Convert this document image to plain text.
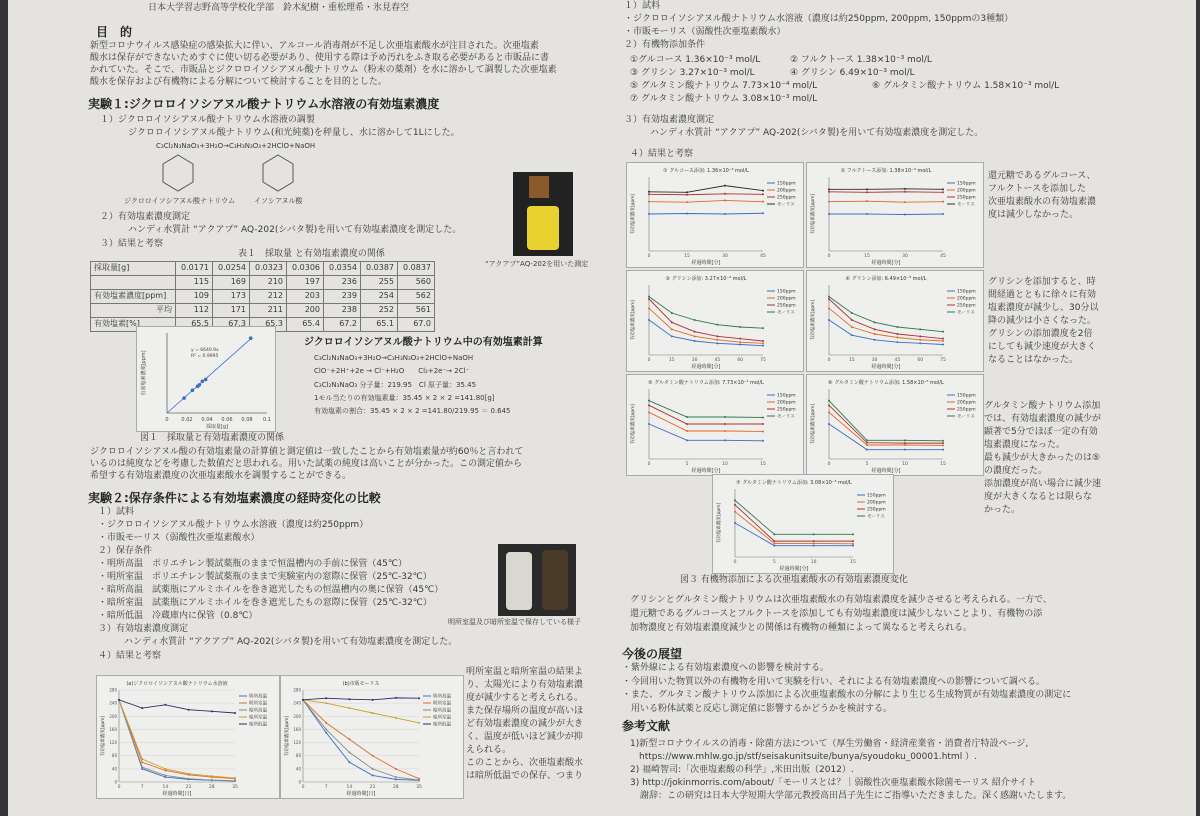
日本大学習志野高等学校化学部　鈴木紀樹・重松理希・氷見春空
目　的
新型コロナウイルス感染症の感染拡大に伴い、アルコール消毒剤が不足し次亜塩素酸水が注目された。次亜塩素
酸水は保存ができないためすぐに使い切る必要があり、使用する際は予め汚れをふき取る必要があると市販品に書
かれていた。そこで、市販品とジクロロイソシアヌル酸ナトリウム（粉末の薬剤）を水に溶かして調製した次亜塩素
酸水を保存および有機物による分解について検討することを目的とした。
実験１:ジクロロイソシアヌル酸ナトリウム水溶液の有効塩素濃度
１）ジクロロイソシアヌル酸ナトリウム水溶液の調製
ジクロロイソシアヌル酸ナトリウム(和光純薬)を秤量し、水に溶かして1Lにした。
C₃Cl₂N₃NaO₃+3H₂O→C₃H₃N₃O₃+2HClO+NaOH
ジクロロイソシアヌル酸ナトリウム	イソシアヌル酸
２）有効塩素濃度測定
ハンディ水質計 “アクアプ” AQ-202(シバタ製)を用いて有効塩素濃度を測定した。
３）結果と考察
“アクアプ”AQ-202を用いた測定
表１　採取量 と有効塩素濃度の関係
採取量[g]	0.0171	0.0254	0.0323	0.0306	0.0354	0.0387	0.0837
	115	169	210	197	236	255	560
有効塩素濃度[ppm]	109	173	212	203	239	254	562
平均	112	171	211	200	238	252	561
有効塩素[%]	65.5	67.3	65.3	65.4	67.2	65.1	67.0
0	0.02 0.04 0.06 0.08 0.1
採取量[g]
有効塩素濃度[ppm]	y = 6640.9x
R² = 0.9995
図１　採取量と有効塩素濃度の関係
ジクロロイソシアヌル酸ナトリウム中の有効塩素計算
C₃Cl₂N₃NaO₃+3H₂O→C₃H₃N₃O₃+2HClO+NaOH
ClO⁻+2H⁺+2e → Cl⁻+H₂O　　Cl₂+2e⁻→ 2Cl⁻
C₃Cl₂N₃NaO₃ 分子量：219.95　Cl 原子量：35.45
1モル当たりの有効塩素量：35.45 × 2 × 2 =141.80[g]
有効塩素の割合：35.45 × 2 × 2 =141.80/219.95 ＝ 0.645
ジクロロイソシアヌル酸の有効塩素量の計算値と測定値は一致したことから有効塩素量が約60％と言われて
いるのは純度などを考慮した数値だと思われる。用いた試薬の純度は高いことが分かった。この測定値から
希望する有効塩素濃度の次亜塩素酸水を調製することができる。
実験２:保存条件による有効塩素濃度の経時変化の比較
１）試料
・ジクロロイソシアヌル酸ナトリウム水溶液（濃度は約250ppm）
・市販モーリス（弱酸性次亜塩素酸水）
２）保存条件
・明所高温　ポリエチレン製試薬瓶のままで恒温槽内の手前に保管（45℃）
・明所室温　ポリエチレン製試薬瓶のままで実験室内の窓際に保管（25℃-32℃）
・暗所高温　試薬瓶にアルミホイルを巻き遮光したもの恒温槽内の奥に保管（45℃）
・暗所室温　試薬瓶にアルミホイルを巻き遮光したもの窓際に保管（25℃-32℃）
・暗所低温　冷蔵庫内に保管（0.8℃）
３）有効塩素濃度測定
ハンディ水質計 “アクアプ” AQ-202(シバタ製)を用いて有効塩素濃度を測定した。
４）結果と考察
明所室温及び暗所室温で保存している様子
(a)ジクロロイソシアヌル酸ナトリウム水溶液
0
40
80
120
160
200
240
280
0	7	14	21	28	35
経過時間[日]
有効塩素濃度[ppm]
明所高温
明所室温
暗所高温
暗所室温
暗所低温
(b)市販モーリス
0
40
80
120
160
200
240
280
0	7	14	21	28	35
経過時間[日]
有効塩素濃度[ppm]
明所高温
明所室温
暗所高温
暗所室温
暗所低温
明所室温と暗所室温の結果よ
り、太陽光により有効塩素濃
度が減少すると考えられる。
また保存場所の温度が高いほ
ど有効塩素濃度の減少が大き
く、温度が低いほど減少が抑
えられる。
このことから、次亜塩素酸水
は暗所低温での保存、つまり
１）試料
・ジクロロイソシアヌル酸ナトリウム水溶液（濃度は約250ppm, 200ppm, 150ppmの3種類）
・市販モーリス（弱酸性次亜塩素酸水）
２）有機物添加条件
①グルコース 1.36×10⁻³ mol/L	② フルクトース 1.38×10⁻³ mol/L
③ グリシン 3.27×10⁻³ mol/L	④ グリシン 6.49×10⁻³ mol/L
⑤ グルタミン酸ナトリウム 7.73×10⁻⁴ mol/L	⑥ グルタミン酸ナトリウム 1.58×10⁻³ mol/L
⑦ グルタミン酸ナトリウム 3.08×10⁻³ mol/L
３）有効塩素濃度測定
ハンディ水質計 “アクアプ” AQ-202(シバタ製)を用いて有効塩素濃度を測定した。
４）結果と考察
① グルコース添加: 1.36×10⁻³ mol/L
0	15	30	45
経過時間[分]
有効塩素濃度[ppm]
150ppm
200ppm
250ppm
モーリス
② フルクトース添加: 1.38×10⁻³ mol/L
0	15	30	45
経過時間[分]
有効塩素濃度[ppm]
150ppm
200ppm
250ppm
モーリス
③ グリシン添加: 3.27×10⁻³ mol/L
0	15	30	45	60	75
経過時間[分]
有効塩素濃度[ppm]
150ppm
200ppm
250ppm
モーリス
④ グリシン添加: 6.49×10⁻³ mol/L
0	15	30	45	60	75
経過時間[分]
有効塩素濃度[ppm]
150ppm
200ppm
250ppm
モーリス
⑤ グルタミン酸ナトリウム添加: 7.73×10⁻⁴ mol/L
0	5	10	15
経過時間[分]
有効塩素濃度[ppm]
150ppm
200ppm
250ppm
モーリス
⑥ グルタミン酸ナトリウム添加: 1.58×10⁻³ mol/L
0	5	10	15
経過時間[分]
有効塩素濃度[ppm]
150ppm
200ppm
250ppm
モーリス
⑦ グルタミン酸ナトリウム添加: 3.08×10⁻³ mol/L
0	5	10	15
経過時間[分]
有効塩素濃度[ppm]
150ppm
200ppm
250ppm
モーリス
還元糖であるグルコース、
フルクトースを添加した
次亜塩素酸水の有効塩素濃
度は減少しなかった。
グリシンを添加すると、時
間経過とともに徐々に有効
塩素濃度が減少し、30分以
降の減少は小さくなった。
グリシンの添加濃度を2倍
にしても減少速度が大きく
なることはなかった。
グルタミン酸ナトリウム添加
では、有効塩素濃度の減少が
顕著で5分でほぼ一定の有効
塩素濃度になった。
最も減少が大きかったのは⑤
の濃度だった。
添加濃度が高い場合に減少速
度が大きくなるとは限らな
かった。
図３ 有機物添加による次亜塩素酸水の有効塩素濃度変化
グリシンとグルタミン酸ナトリウムは次亜塩素酸水の有効塩素濃度を減少させると考えられる。一方で、
還元糖であるグルコースとフルクトースを添加しても有効塩素濃度は減少しないことより、有機物の添
加物濃度と有効塩素濃度減少との関係は有機物の種類によって異なると考えられる。
今後の展望
・紫外線による有効塩素濃度への影響を検討する。
・今回用いた物質以外の有機物を用いて実験を行い、それによる有効塩素濃度への影響について調べる。
・また、グルタミン酸ナトリウム添加による次亜塩素酸水の分解により生じる生成物質が有効塩素濃度の測定に
　用いる粉体試薬と反応し測定値に影響するかどうかを検討する。
参考文献
1)新型コロナウイルスの消毒・除菌方法について（厚生労働省・経済産業省・消費者庁特設ページ,
　https://www.mhlw.go.jp/stf/seisakunitsuite/bunya/syoudoku_00001.html ）.
2) 福崎智司:「次亜塩素酸の科学」,米田出版（2012）.
3) http://jokinmorris.com/about/「モーリスとは？｜弱酸性次亜塩素酸水除菌モーリス 紹介サイト
謝辞：この研究は日本大学短期大学部元教授高田昌子先生にご指導いただきました。深く感謝いたします。
